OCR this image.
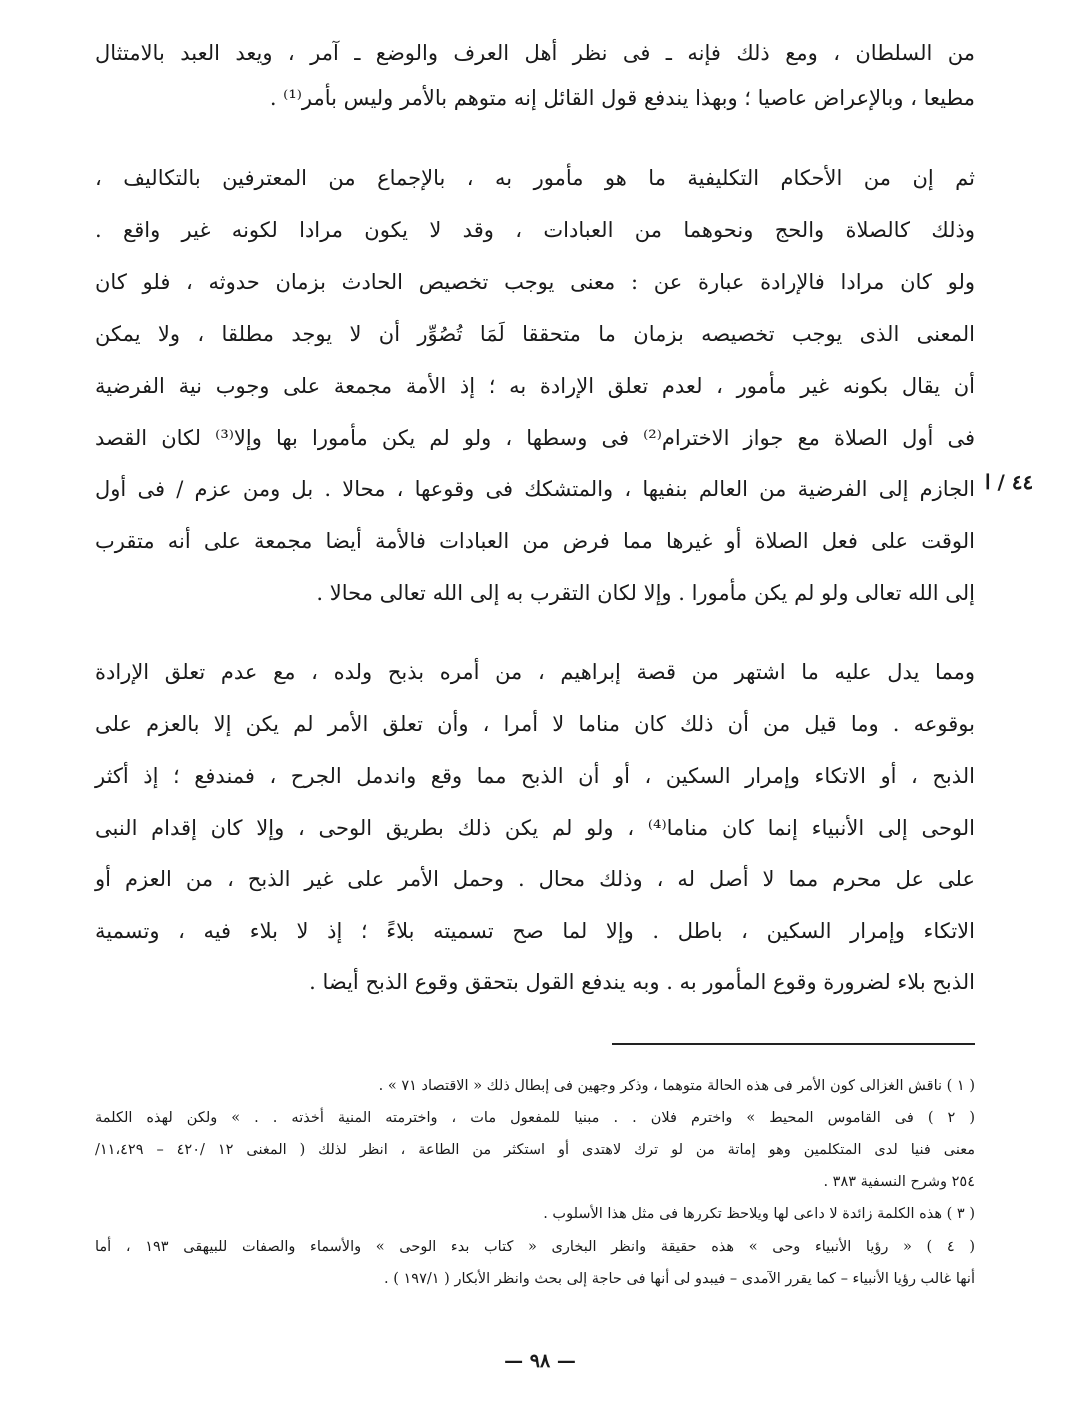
من السلطان ، ومع ذلك فإنه ـ فى نظر أهل العرف والوضع ـ آمر ، ويعد العبد بالامتثال
مطيعا ، وبالإعراض عاصيا ؛ وبهذا يندفع قول القائل إنه متوهم بالأمر وليس بأمر⁽¹⁾ .
ثم إن من الأحكام التكليفية ما هو مأمور به ، بالإجماع من المعترفين بالتكاليف ،
وذلك كالصلاة والحج ونحوهما من العبادات ، وقد لا يكون مرادا لكونه غير واقع .
ولو كان مرادا فالإرادة عبارة عن : معنى يوجب تخصيص الحادث بزمان حدوثه ، فلو كان
المعنى الذى يوجب تخصيصه بزمان ما متحققا لَمَا تُصُوِّر أن لا يوجد مطلقا ، ولا يمكن
أن يقال بكونه غير مأمور ، لعدم تعلق الإرادة به ؛ إذ الأمة مجمعة على وجوب نية الفرضية
فى أول الصلاة مع جواز الاخترام⁽²⁾ فى وسطها ، ولو لم يكن مأمورا بها وإلا⁽³⁾ لكان القصد
الجازم إلى الفرضية من العالم بنفيها ، والمتشكك فى وقوعها ، محالا . بل ومن عزم / فى أول
الوقت على فعل الصلاة أو غيرها مما فرض من العبادات فالأمة أيضا مجمعة على أنه متقرب
إلى الله تعالى ولو لم يكن مأمورا . وإلا لكان التقرب به إلى الله تعالى محالا .
٤٤ / ا
ومما يدل عليه ما اشتهر من قصة إبراهيم ، من أمره بذبح ولده ، مع عدم تعلق الإرادة
بوقوعه . وما قيل من أن ذلك كان مناما لا أمرا ، وأن تعلق الأمر لم يكن إلا بالعزم على
الذبح ، أو الاتكاء وإمرار السكين ، أو أن الذبح مما وقع واندمل الجرح ، فمندفع ؛ إذ أكثر
الوحى إلى الأنبياء إنما كان مناما⁽⁴⁾ ، ولو لم يكن ذلك بطريق الوحى ، وإلا كان إقدام النبى
على عل محرم مما لا أصل له ، وذلك محال . وحمل الأمر على غير الذبح ، من العزم أو
الاتكاء وإمرار السكين ، باطل . وإلا لما صح تسميته بلاءً ؛ إذ لا بلاء فيه ، وتسمية
الذبح بلاء لضرورة وقوع المأمور به . وبه يندفع القول بتحقق وقوع الذبح أيضا .
( ١ ) ناقش الغزالى كون الأمر فى هذه الحالة متوهما ، وذكر وجهين فى إبطال ذلك « الاقتصاد ٧١ » .
( ٢ ) فى القاموس المحيط » واخترم فلان . . مبنيا للمفعول مات ، واخترمته المنية أخذته . . » ولكن لهذه الكلمة
معنى فنيا لدى المتكلمين وهو إماتة من لو ترك لاهتدى أو استكثر من الطاعة ، انظر لذلك ( المغنى ١٢ /٤٢٠ – ١١،٤٢٩/
٢٥٤ وشرح النسفية ٣٨٣ .
( ٣ ) هذه الكلمة زائدة لا داعى لها ويلاحظ تكررها فى مثل هذا الأسلوب .
( ٤ ) « رؤيا الأنبياء وحى » هذه حقيقة وانظر البخارى « كتاب بدء الوحى » والأسماء والصفات للبيهقى ١٩٣ ، أما
أنها غالب رؤيا الأنبياء – كما يقرر الآمدى – فيبدو لى أنها فى حاجة إلى بحث وانظر الأبكار ( ١٩٧/١ ) .
— ٩٨ —
